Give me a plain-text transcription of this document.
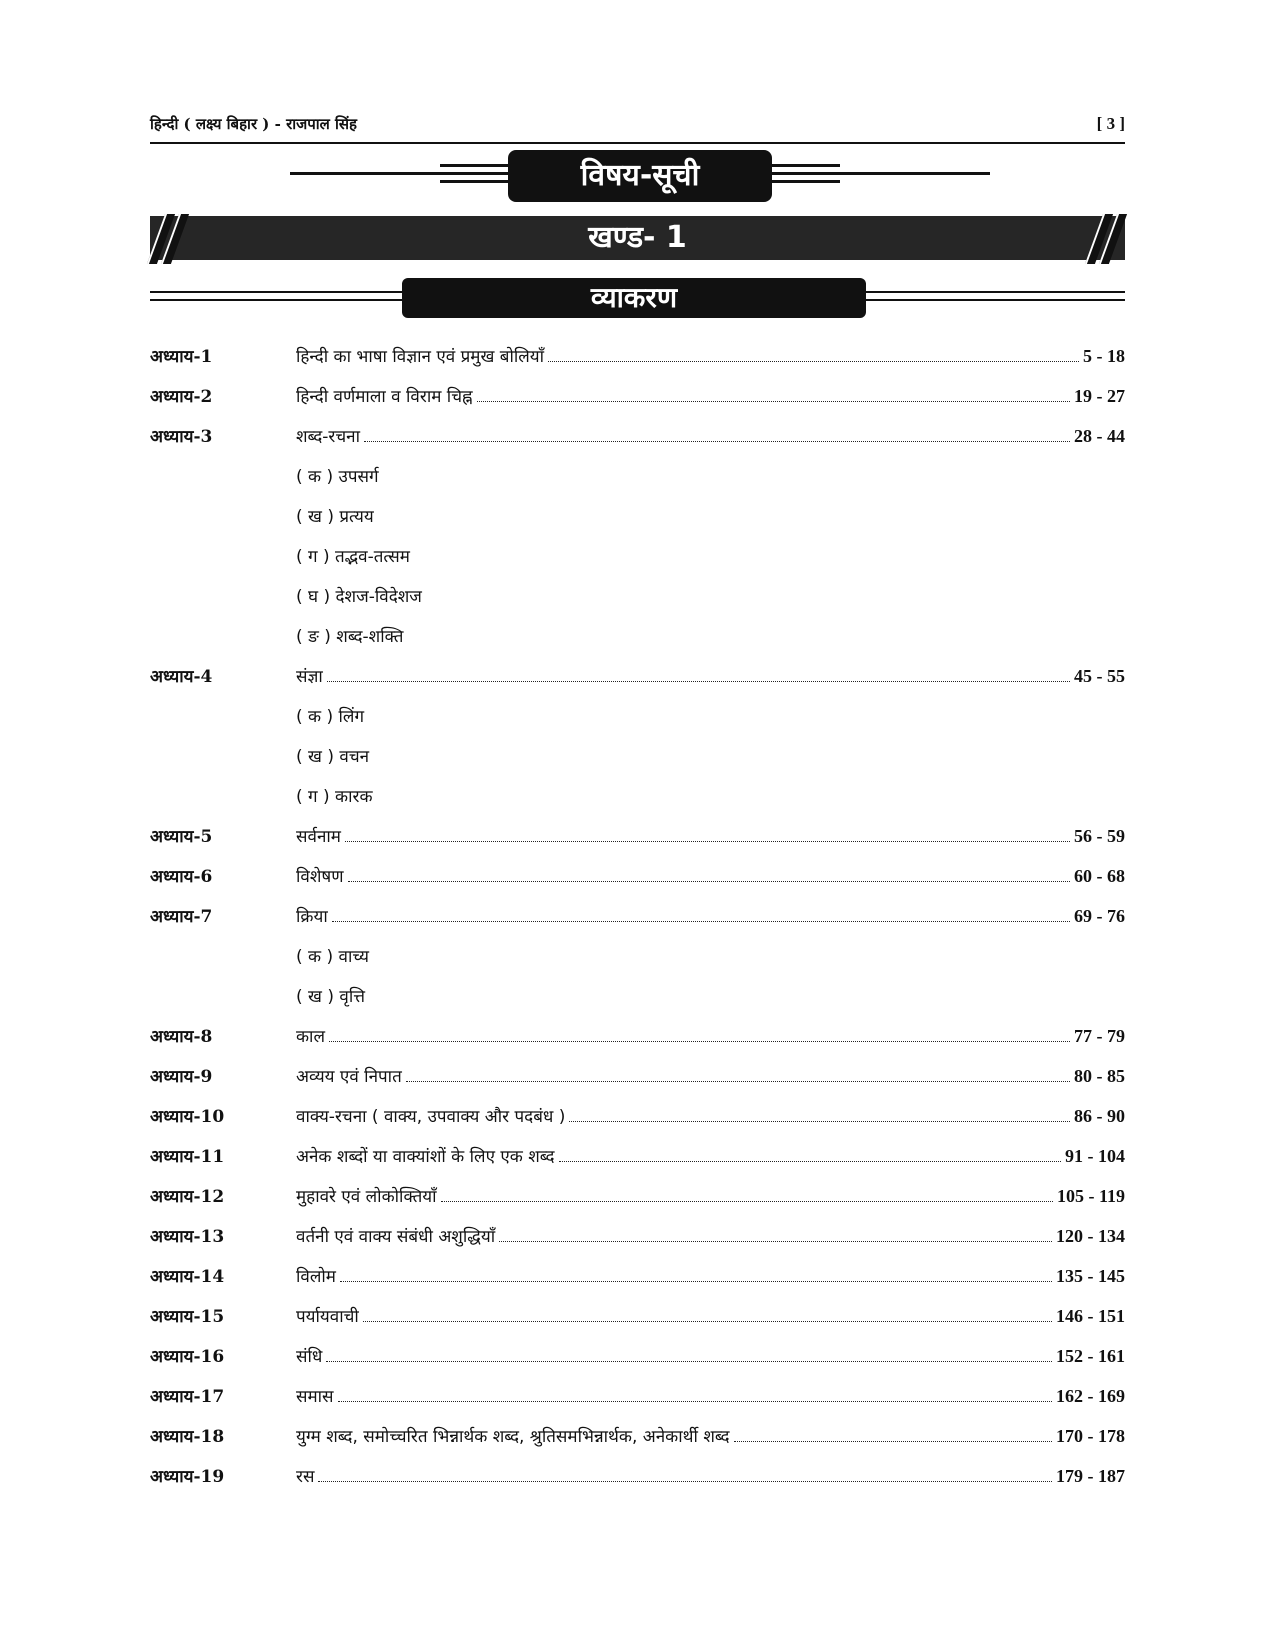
हिन्दी ( लक्ष्य बिहार ) - राजपाल सिंह	[ 3 ]
विषय-सूची
खण्ड- 1
व्याकरण
अध्याय-1	हिन्दी का भाषा विज्ञान एवं प्रमुख बोलियाँ	5 - 18
अध्याय-2	हिन्दी वर्णमाला व विराम चिह्न	19 - 27
अध्याय-3	शब्द-रचना	28 - 44
( क ) उपसर्ग
( ख ) प्रत्यय
( ग ) तद्भव-तत्सम
( घ ) देशज-विदेशज
( ङ ) शब्द-शक्ति
अध्याय-4	संज्ञा	45 - 55
( क ) लिंग
( ख ) वचन
( ग ) कारक
अध्याय-5	सर्वनाम	56 - 59
अध्याय-6	विशेषण	60 - 68
अध्याय-7	क्रिया	69 - 76
( क ) वाच्य
( ख ) वृत्ति
अध्याय-8	काल	77 - 79
अध्याय-9	अव्यय एवं निपात	80 - 85
अध्याय-10	वाक्य-रचना ( वाक्य, उपवाक्य और पदबंध )	86 - 90
अध्याय-11	अनेक शब्दों या वाक्यांशों के लिए एक शब्द	91 - 104
अध्याय-12	मुहावरे एवं लोकोक्तियाँ	105 - 119
अध्याय-13	वर्तनी एवं वाक्य संबंधी अशुद्धियाँ	120 - 134
अध्याय-14	विलोम	135 - 145
अध्याय-15	पर्यायवाची	146 - 151
अध्याय-16	संधि	152 - 161
अध्याय-17	समास	162 - 169
अध्याय-18	युग्म शब्द, समोच्चरित भिन्नार्थक शब्द, श्रुतिसमभिन्नार्थक, अनेकार्थी शब्द	170 - 178
अध्याय-19	रस	179 - 187
